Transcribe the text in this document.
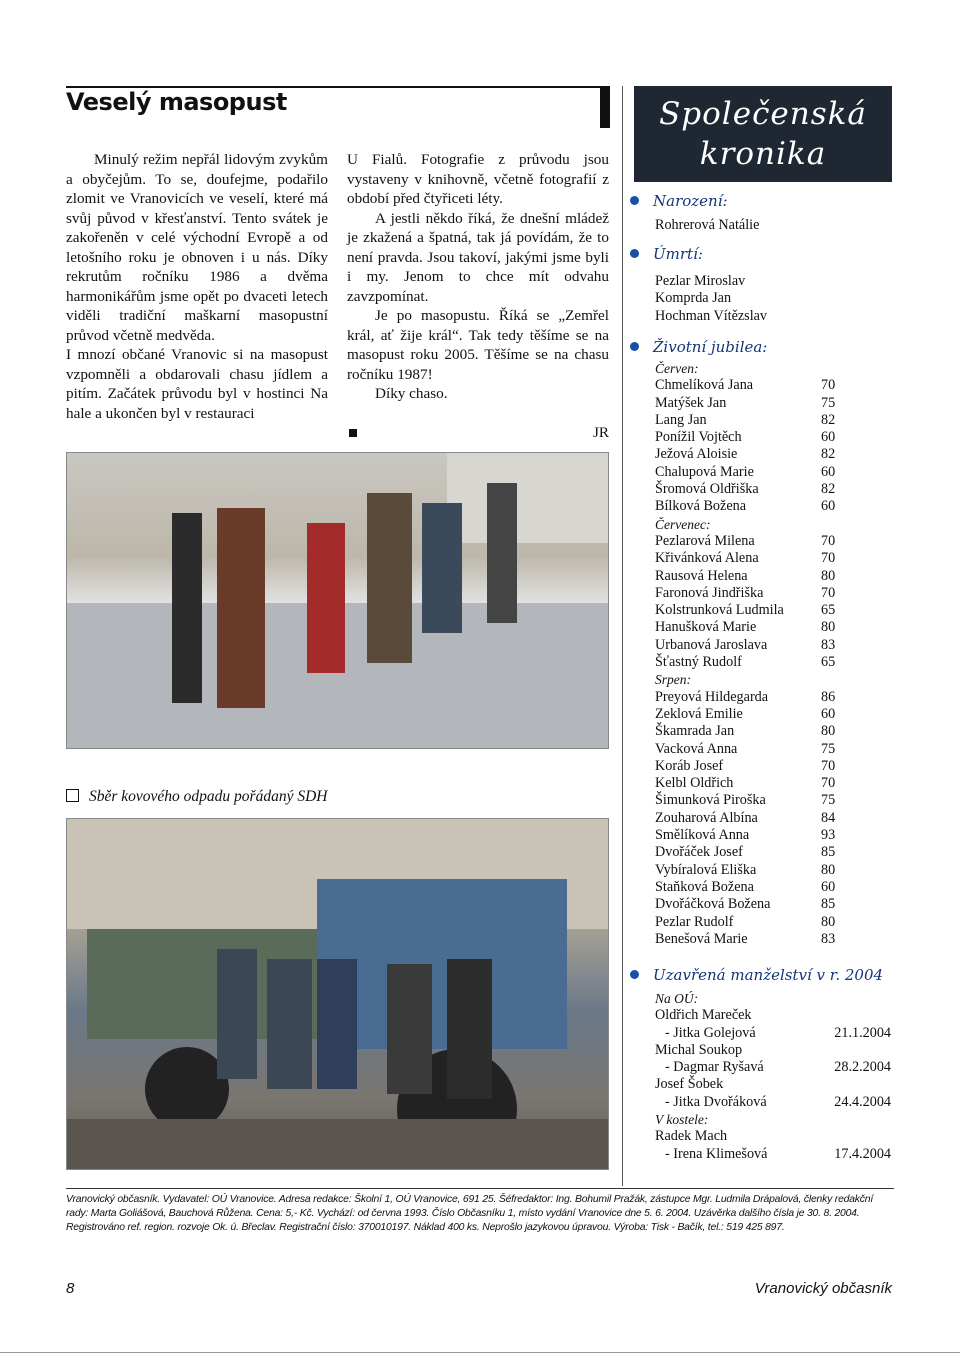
Veselý masopust

Minulý režim nepřál lidovým zvykům a obyčejům. To se, doufejme, podařilo zlomit ve Vranovicích ve veselí, které má svůj původ v křesťanství. Tento svátek je zakořeněn v celé východní Evropě a od letošního roku je obnoven i u nás. Díky rekrutům ročníku 1986 a dvěma harmonikářům jsme opět po dvaceti letech viděli tradiční maškarní masopustní průvod včetně medvěda.

I mnozí občané Vranovic si na masopust vzpomněli a obdarovali chasu jídlem a pitím. Začátek průvodu byl v hostinci Na hale a ukončen byl v restauraci

U Fialů. Fotografie z průvodu jsou vystaveny v knihovně, včetně fotografií z období před čtyřiceti léty.

A jestli někdo říká, že dnešní mládež je zkažená a špatná, tak já povídám, že to není pravda. Jsou takoví, jakými jsme byli i my. Jenom to chce mít odvahu zavzpomínat.

Je po masopustu. Říká se „Zemřel král, ať žije král“. Tak tedy těšíme se na masopust roku 2005. Těšíme se na chasu ročníku 1987!

Díky chaso.

JR
Sběr kovového odpadu pořádaný SDH
Společenská
kronika
Narození:
Rohrerová Natálie
Úmrtí:
Pezlar Miroslav
Komprda Jan
Hochman Vítězslav
Životní jubilea:
Červen:
Chmelíková Jana	70
Matýšek Jan	75
Lang Jan	82
Ponížil Vojtěch	60
Ježová Aloisie	82
Chalupová Marie	60
Šromová Oldřiška	82
Bílková Božena	60
Červenec:
Pezlarová Milena	70
Křivánková Alena	70
Rausová Helena	80
Faronová Jindřiška	70
Kolstrunková Ludmila	65
Hanušková Marie	80
Urbanová Jaroslava	83
Šťastný Rudolf	65
Srpen:
Preyová Hildegarda	86
Zeklová Emilie	60
Škamrada Jan	80
Vacková Anna	75
Koráb Josef	70
Kelbl Oldřich	70
Šimunková Piroška	75
Zouharová Albína	84
Smělíková Anna	93
Dvořáček Josef	85
Vybíralová Eliška	80
Staňková Božena	60
Dvořáčková Božena	85
Pezlar Rudolf	80
Benešová Marie	83
Uzavřená manželství v r. 2004
Na OÚ:
Oldřich Mareček
- Jitka Golejová	21.1.2004
Michal Soukop
- Dagmar Ryšavá	28.2.2004
Josef Šobek
- Jitka Dvořáková	24.4.2004
V kostele:
Radek Mach
- Irena Klimešová	17.4.2004
Vranovický občasník. Vydavatel: OÚ Vranovice. Adresa redakce: Školní 1, OÚ Vranovice, 691 25. Šéfredaktor: Ing. Bohumil Pražák, zástupce Mgr. Ludmila Drápalová, členky redakční rady: Marta Goliášová, Bauchová Růžena. Cena: 5,- Kč. Vychází: od června 1993. Číslo Občasníku 1, místo vydání Vranovice dne 5. 6. 2004. Uzávěrka dalšího čísla je 30. 8. 2004. Registrováno ref. region. rozvoje Ok. ú. Břeclav. Registrační číslo: 370010197. Náklad 400 ks. Neprošlo jazykovou úpravou. Výroba: Tisk - Bačík, tel.: 519 425 897.
8	Vranovický občasník
